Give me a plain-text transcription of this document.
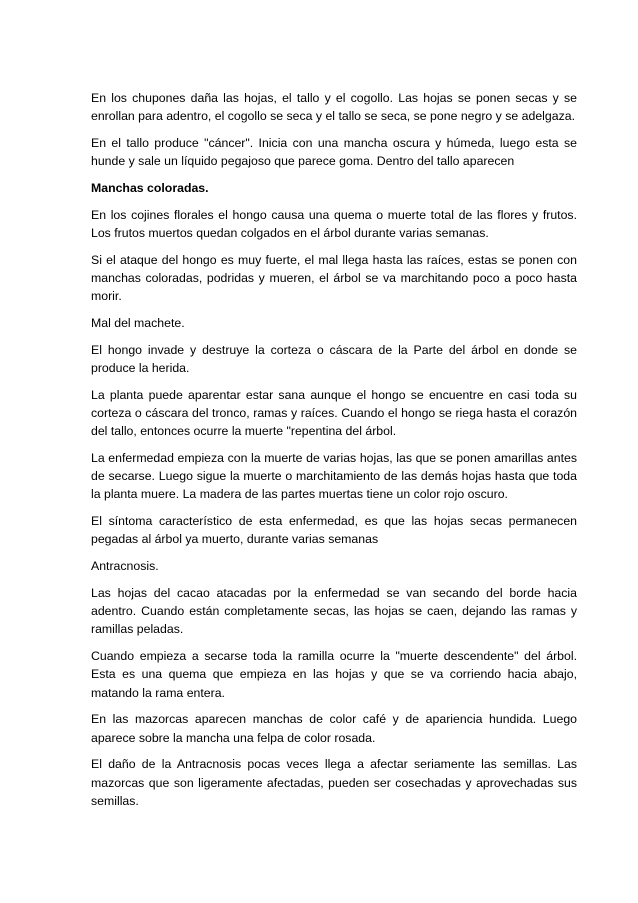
En los chupones daña las hojas, el tallo y el cogollo. Las hojas se ponen secas y se enrollan para adentro, el cogollo se seca y el tallo se seca, se pone negro y se adelgaza.

En el tallo produce "cáncer". Inicia con una mancha oscura y húmeda, luego esta se hunde y sale un líquido pegajoso que parece goma. Dentro del tallo aparecen

Manchas coloradas.

En los cojines florales el hongo causa una quema o muerte total de las flores y frutos. Los frutos muertos quedan colgados en el árbol durante varias semanas.

Si el ataque del hongo es muy fuerte, el mal llega hasta las raíces, estas se ponen con manchas coloradas, podridas y mueren, el árbol se va marchitando poco a poco hasta morir.

Mal del machete.

El hongo invade y destruye la corteza o cáscara de la Parte del árbol en donde se produce la herida.

La planta puede aparentar estar sana aunque el hongo se encuentre en casi toda su corteza o cáscara del tronco, ramas y raíces. Cuando el hongo se riega hasta el corazón del tallo, entonces ocurre la muerte "repentina del árbol.

La enfermedad empieza con la muerte de varias hojas, las que se ponen amarillas antes de secarse. Luego sigue la muerte o marchitamiento de las demás hojas hasta que toda la planta muere. La madera de las partes muertas tiene un color rojo oscuro.

El síntoma característico de esta enfermedad, es que las hojas secas permanecen pegadas al árbol ya muerto, durante varias semanas

Antracnosis.

Las hojas del cacao atacadas por la enfermedad se van secando del borde hacia adentro. Cuando están completamente secas, las hojas se caen, dejando las ramas y ramillas peladas.

Cuando empieza a secarse toda la ramilla ocurre la "muerte descendente" del árbol. Esta es una quema que empieza en las hojas y que se va corriendo hacia abajo, matando la rama entera.

En las mazorcas aparecen manchas de color café y de apariencia hundida. Luego aparece sobre la mancha una felpa de color rosada.

El daño de la Antracnosis pocas veces llega a afectar seriamente las semillas. Las mazorcas que son ligeramente afectadas, pueden ser cosechadas y aprovechadas sus semillas.
